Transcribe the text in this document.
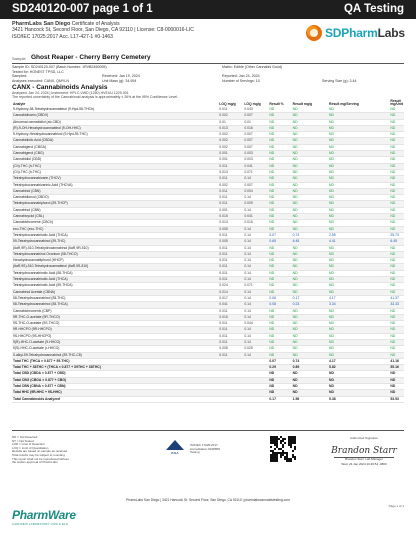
SD240120-007 page 1 of 1	QA Testing
PharmLabs San Diego Certificate of Analysis
3421 Hancock St, Second Floor, San Diego, CA 92110 | License: C8-0000016-LIC
ISO/IEC 17025:2017 Acc. L17-427-1 #0-1463	SDPharmLabs
Sample Ghost Reaper - Cherry Berry Cemetery
Sample ID: SD240120-007 (Batch Number: 1RVB2450095)	Matrix: Edible (Other Cannabis Good)
Tested for: HONEST TPSD, LLC
Sampled:	Received: Jan 19, 2024	Reported: Jan 24, 2024
Analyses executed: CANX, QMYLN	Unit Mass (g): 34.954	Number of Servings: 10	Serving Size (g): 3.44
CANX - Cannabinoids Analysis
Analyzed: Jan 24, 2024 | Instrument: HPLC-VWD (1260) HVEUU 1229-001
The reported uncertainty of the Cannabinoid analysis is approximately ± 26% at the 95% Confidence Level.
Analyte	LOQ mg/g	LOQ mg/g	Result %	Result mg/g	Result mg/Serving	Result mg/Unit
9-Hydroxy-δ8-Tetrahydrocannabinol (9-Hyd-δ8-THCh)	0.011	0.043	ND	ND	ND	ND
Cannabidivarin (CBDV)	0.002	0.007	ND	ND	ND	ND
Abnormal cannabidiol (ab-CBD)	0.01	0.01	ND	ND	ND	ND
(R)-9-OH-Hexahydrocannabinol (9-OH-HHC)	0.013	0.016	ND	ND	ND	ND
9-Hydroxy-Hexahydrocannabinol (9-Hyd-δ9-THC)	0.002	0.007	ND	ND	ND	ND
Cannabidiolic Acid (CBDA)	0.002	0.007	ND	ND	ND	ND
Cannabigerol (CBGA)	0.002	0.007	ND	ND	ND	ND
Cannabigerol (CBG)	0.001	0.003	ND	ND	ND	ND
Cannabidiol (CBD)	0.001	0.003	ND	ND	ND	ND
(Ch)-THC (h-THC)	0.011	0.041	ND	ND	ND	ND
(Ch)-THC (h-THC)	0.013	0.071	ND	ND	ND	ND
Tetrahydrocannabivarin (THCV)	0.011	0.14	ND	ND	ND	ND
Tetrahydrocannabivarinic Acid (THCVA)	0.002	0.007	ND	ND	ND	ND
Cannabinol (CBN)	0.011	0.004	ND	ND	ND	ND
Cannabidiorcol (CBDO)	0.011	0.14	ND	ND	ND	ND
Tetrahydrocannabiphorol (δ9-THCP)	0.011	0.009	ND	ND	ND	ND
Cannabinol (CBN)	0.001	0.14	ND	ND	ND	ND
Cannabicyclol (CBL)	0.015	0.041	ND	ND	ND	ND
Cannabichromene (CBCh)	0.013	0.015	ND	ND	ND	ND
exo-THC (exo-THC)	0.005	0.14	ND	ND	ND	ND
Tetrahydrocannabinolic Acid (THCA)	0.011	0.14	0.07	0.74	2.55	25.73
δ9-Tetrahydrocannabinol (δ9-THC)	0.005	0.14	0.65	6.45	4.41	6.45
(6aR,9R)-δ10-Tetrahydrocannabinol (6aR,9R-δ10)	0.011	0.14	ND	ND	ND	ND
Tetrahydrocannabinol Oxonium (δ8-THCO)	0.011	0.14	ND	ND	ND	ND
Hexahydrocannabiphorol (HHCP)	0.011	0.14	ND	ND	ND	ND
(6aR,9S)-δ10-Tetrahydrocannabinol (6aR,9S-δ10)	0.011	0.14	ND	ND	ND	ND
Tetrahydrocannabinolic Acid (δ8-THCA)	0.011	0.14	ND	ND	ND	ND
Tetrahydrocannabinolic Acid (THCA)	0.011	0.14	ND	ND	ND	ND
Tetrahydrocannabinolic Acid (δ9-THCA)	0.024	0.071	ND	ND	ND	ND
Cannabinol Acetate (CBNA)	0.014	0.14	ND	ND	ND	ND
δ8-Tetrahydrocannabinol (δ8-THC)	0.017	0.14	0.06	0.17	4.17	41.37
δ8-Tetrahydrocannabinol (δ8-THCA)	0.041	0.14	0.08	0.23	3.34	33.33
Cannabichromenic (CBP)	0.011	0.14	ND	ND	ND	ND
9R-THC-O-acetate (9R-THCO)	0.015	0.14	ND	ND	ND	ND
9S-THC-O-acetate (9S-THCO)	0.011	0.044	ND	ND	ND	ND
9R-HHCPO (9R-HHCPO)	0.011	0.14	ND	ND	ND	ND
9S-HHCPO (9S-HHCPO)	0.011	0.14	ND	ND	ND	ND
9(R)-HHC-O-acetate (9-HHCO)	0.011	0.14	ND	ND	ND	ND
9(S)-HHC-O-acetate (r-HHCO)	0.008	0.025	ND	ND	ND	ND
δ-alkyl-δ9-Tetrahydrocannabinol (δ9-THC-C8)	0.011	0.14	ND	ND	ND	ND
Total THC (THCA × 0.877 + δ9-THC)			0.07	0.74	4.17	41.16
Total THC + δ8THC + (THCA × 0.877 + δ9THC + δ8THC)			0.29	0.89	5.82	55.16
Total CBD (CBDA × 0.877 + CBD)			ND	ND	ND	ND
Total CBG (CBGA × 0.877 + CBG)			ND	ND	ND	ND
Total CBN (CBNA × 0.877 + CBN)			ND	ND	ND	ND
Total HHC (9R-HHC + 9S-HHC)			ND	ND	ND	ND
Total Cannabinoids Analyzed			0.17	1.56	5.38	53.53
ND = Not Detected
NT = Not Tested
LOD = Limit of Detection
LOQ = Limit of Quantitation
Results are based on sample as received
Total results may be subject to rounding
This report shall not be reproduced without
the written approval of PharmLabs
PJLA
ISO/IEC 17025:2017
Accreditation #108658
Testing
Authorized Signature
Brandon Starr
Brandon Starr, Lab Manager
Wed, 24 Jan 2024 10:49:54 -0800
PharmLabs San Diego | 3421 Hancock St, Second Floor, San Diego, CA 92110 | pharmlabscannabistesting.com
PharmWare
CANNABIS LABORATORY LIMS & ELN
Page 1 of 1
